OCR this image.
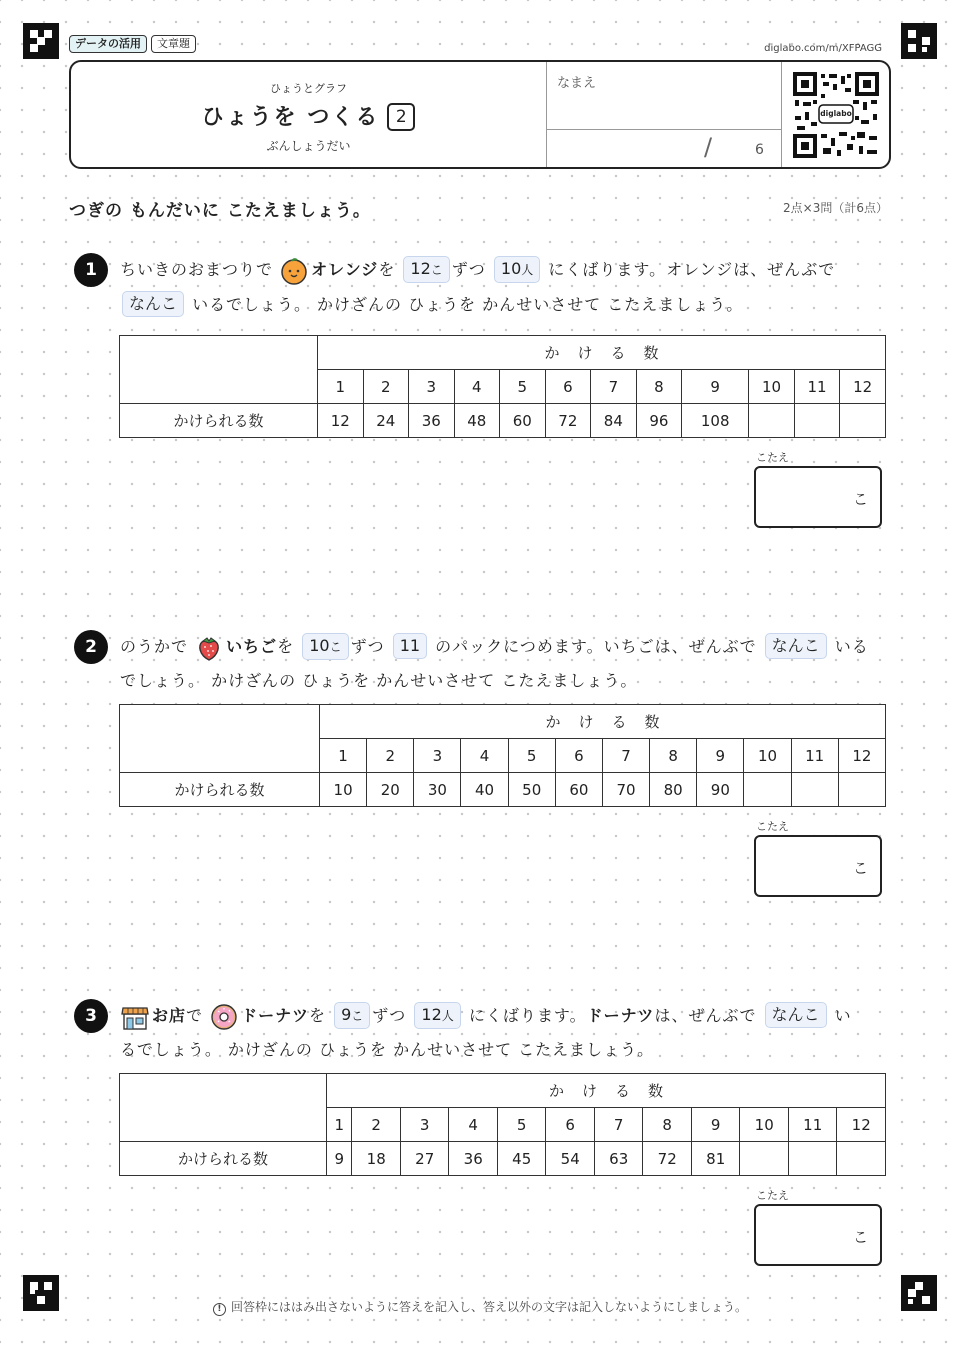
データの活用	文章題	diglabo.com/m/XFPAGG
ひょうとグラフ
ひょうを つくる 2
ぶんしょうだい
なまえ
/	6
diglabo
つぎの もんだいに こたえましょう。	2点×3問（計6点）
1	ちいきのおまつりで オレンジを 12こ ずつ 10人 にくばります。オレンジは、ぜんぶで
なんこ いるでしょう。 かけざんの ひょうを かんせいさせて こたえましょう。
	かける数											
	1	2	3	4	5	6	7	8	9	10	11	12
かけられる数	12	24	36	48	60	72	84	96	108			
こたえ
こ
2	のうかで いちごを 10こ ずつ 11 のパックにつめます。いちごは、ぜんぶで なんこ いる
でしょう。 かけざんの ひょうを かんせいさせて こたえましょう。
	かける数											
	1	2	3	4	5	6	7	8	9	10	11	12
かけられる数	10	20	30	40	50	60	70	80	90			
こたえ
こ
3	お店で ドーナツを 9こ ずつ 12人 にくばります。ドーナツは、ぜんぶで なんこ い
るでしょう。 かけざんの ひょうを かんせいさせて こたえましょう。
	かける数											
	1	2	3	4	5	6	7	8	9	10	11	12
かけられる数	9	18	27	36	45	54	63	72	81			
こたえ
こ
! 回答枠にははみ出さないように答えを記入し、答え以外の文字は記入しないようにしましょう。
